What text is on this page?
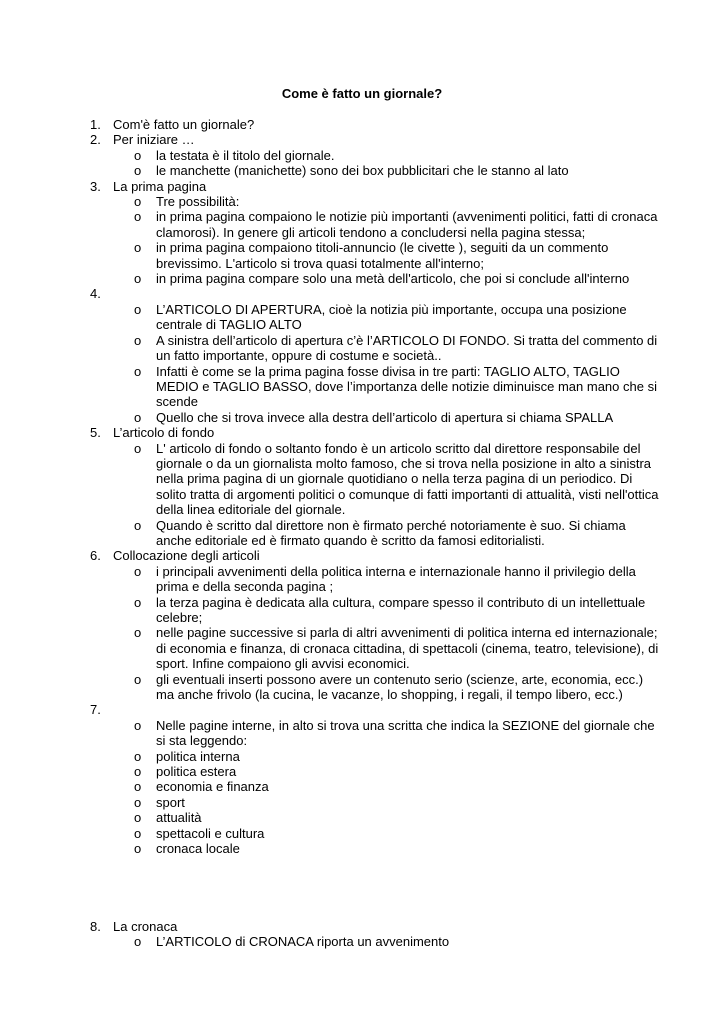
Come è fatto un giornale?
1. Com'è fatto un giornale?
2. Per iniziare …
o la testata è il titolo del giornale.
o le manchette (manichette) sono dei box pubblicitari che le stanno al lato
3. La prima pagina
o Tre possibilità:
o in prima pagina compaiono le notizie più importanti (avvenimenti politici, fatti di cronaca clamorosi). In genere gli articoli tendono a concludersi nella pagina stessa;
o in prima pagina compaiono titoli-annuncio (le civette ), seguiti da un commento brevissimo. L'articolo si trova quasi totalmente all'interno;
o in prima pagina compare solo una metà dell'articolo, che poi si conclude all'interno
4.

o L’ARTICOLO DI APERTURA, cioè la notizia più importante, occupa una posizione centrale di TAGLIO ALTO
o A sinistra dell’articolo di apertura c’è l’ARTICOLO DI FONDO. Si tratta del commento di un fatto importante, oppure di costume e società..
o Infatti è come se la prima pagina fosse divisa in tre parti: TAGLIO ALTO, TAGLIO MEDIO e TAGLIO BASSO, dove l’importanza delle notizie diminuisce man mano che si scende
o Quello che si trova invece alla destra dell’articolo di apertura si chiama SPALLA
5. L’articolo di fondo
o L' articolo di fondo o soltanto fondo è un articolo scritto dal direttore responsabile del giornale o da un giornalista molto famoso, che si trova nella posizione in alto a sinistra nella prima pagina di un giornale quotidiano o nella terza pagina di un periodico. Di solito tratta di argomenti politici o comunque di fatti importanti di attualità, visti nell'ottica della linea editoriale del giornale.
o Quando è scritto dal direttore non è firmato perché notoriamente è suo. Si chiama anche editoriale ed è firmato quando è scritto da famosi editorialisti.
6. Collocazione degli articoli
o i principali avvenimenti della politica interna e internazionale hanno il privilegio della prima e della seconda pagina ;
o la terza pagina è dedicata alla cultura, compare spesso il contributo di un intellettuale celebre;
o nelle pagine successive si parla di altri avvenimenti di politica interna ed internazionale; di economia e finanza, di cronaca cittadina, di spettacoli (cinema, teatro, televisione), di sport. Infine compaiono gli avvisi economici.
o gli eventuali inserti possono avere un contenuto serio (scienze, arte, economia, ecc.) ma anche frivolo (la cucina, le vacanze, lo shopping, i regali, il tempo libero, ecc.)
7.

o Nelle pagine interne, in alto si trova una scritta che indica la SEZIONE del giornale che si sta leggendo:
o politica interna
o politica estera
o economia e finanza
o sport
o attualità
o spettacoli e cultura
o cronaca locale
8. La cronaca
o L’ARTICOLO di CRONACA riporta un avvenimento
